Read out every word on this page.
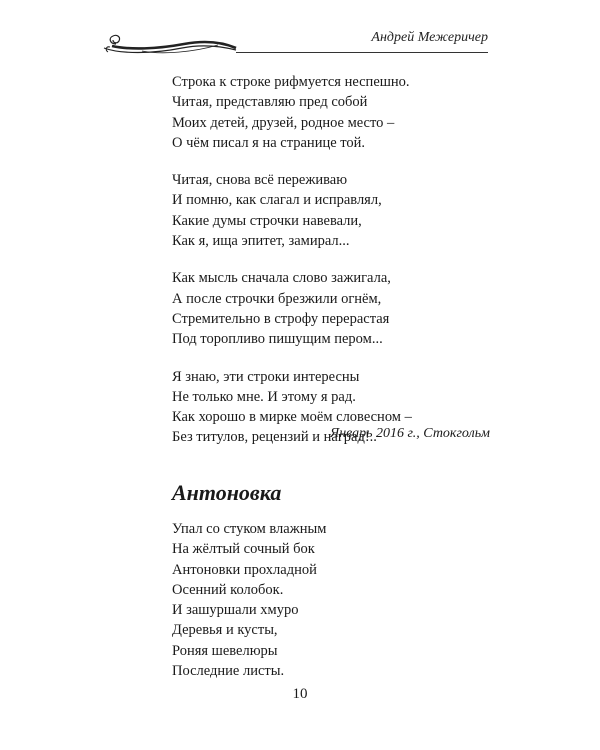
Андрей Межеричер
Строка к строке рифмуется неспешно.
Читая, представляю пред собой
Моих детей, друзей, родное место –
О чём писал я на странице той.
Читая, снова всё переживаю
И помню, как слагал и исправлял,
Какие думы строчки навевали,
Как я, ища эпитет, замирал...
Как мысль сначала слово зажигала,
А после строчки брезжили огнём,
Стремительно в строфу перерастая
Под торопливо пишущим пером...
Я знаю, эти строки интересны
Не только мне. И этому я рад.
Как хорошо в мирке моём словесном –
Без титулов, рецензий и наград!..
Январь 2016 г., Стокгольм
Антоновка
Упал со стуком влажным
На жёлтый сочный бок
Антоновки прохладной
Осенний колобок.
И зашуршали хмуро
Деревья и кусты,
Роняя шевелюры
Последние листы.
10
